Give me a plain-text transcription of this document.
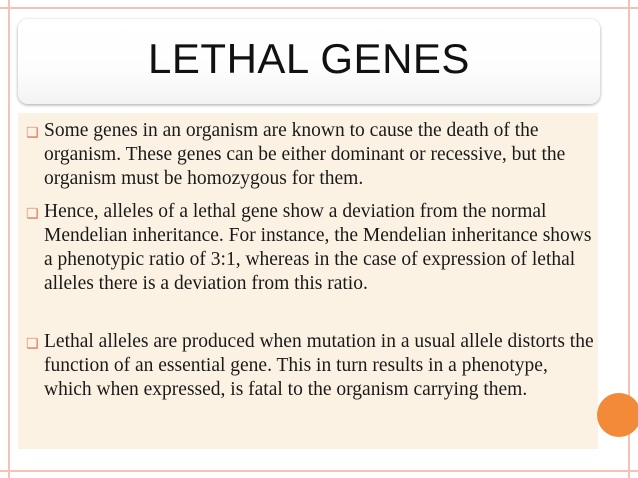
LETHAL GENES
❏ Some genes in an organism are known to cause the death of the organism. These genes can be either dominant or recessive, but the organism must be homozygous for them.
❏ Hence, alleles of a lethal gene show a deviation from the normal Mendelian inheritance. For instance, the Mendelian inheritance shows a phenotypic ratio of 3:1, whereas in the case of expression of lethal alleles there is a deviation from this ratio.
❏ Lethal alleles are produced when mutation in a usual allele distorts the function of an essential gene. This in turn results in a phenotype, which when expressed, is fatal to the organism carrying them.
